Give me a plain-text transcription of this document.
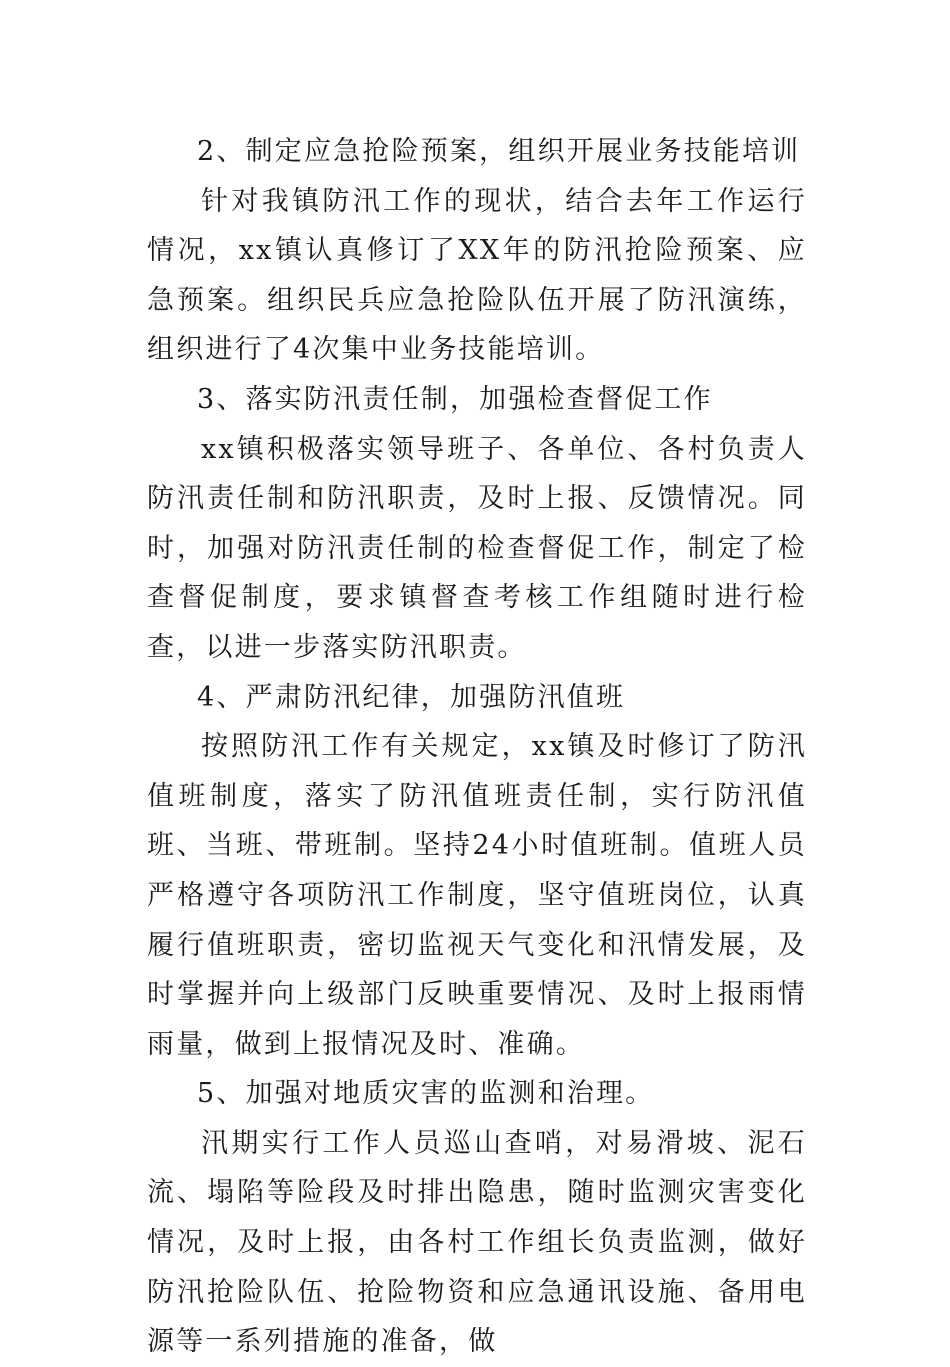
2、制定应急抢险预案，组织开展业务技能培训

针对我镇防汛工作的现状，结合去年工作运行情况，xx镇认真修订了XX年的防汛抢险预案、应急预案。组织民兵应急抢险队伍开展了防汛演练，组织进行了4次集中业务技能培训。

3、落实防汛责任制，加强检查督促工作

xx镇积极落实领导班子、各单位、各村负责人防汛责任制和防汛职责，及时上报、反馈情况。同时，加强对防汛责任制的检查督促工作，制定了检查督促制度，要求镇督查考核工作组随时进行检查，以进一步落实防汛职责。

4、严肃防汛纪律，加强防汛值班

按照防汛工作有关规定，xx镇及时修订了防汛值班制度，落实了防汛值班责任制，实行防汛值班、当班、带班制。坚持24小时值班制。值班人员严格遵守各项防汛工作制度，坚守值班岗位，认真履行值班职责，密切监视天气变化和汛情发展，及时掌握并向上级部门反映重要情况、及时上报雨情雨量，做到上报情况及时、准确。

5、加强对地质灾害的监测和治理。

汛期实行工作人员巡山查哨，对易滑坡、泥石流、塌陷等险段及时排出隐患，随时监测灾害变化情况，及时上报，由各村工作组长负责监测，做好防汛抢险队伍、抢险物资和应急通讯设施、备用电源等一系列措施的准备，做
